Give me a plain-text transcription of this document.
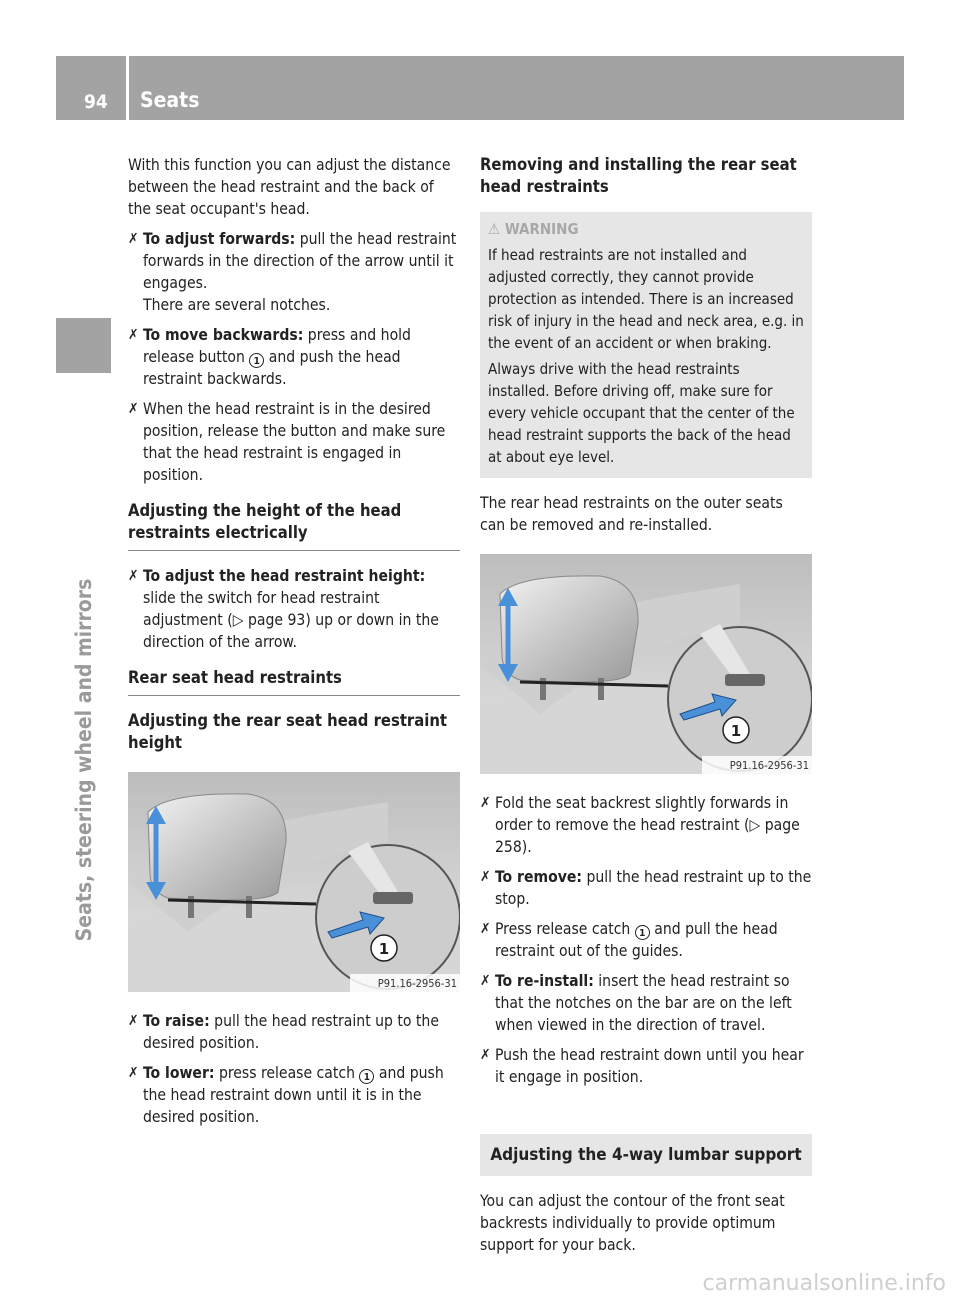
94	Seats
Seats, steering wheel and mirrors

With this function you can adjust the distance between the head restraint and the back of the seat occupant's head.

✗ To adjust forwards: pull the head restraint forwards in the direction of the arrow until it engages.
There are several notches.
✗ To move backwards: press and hold release button 1 and push the head restraint backwards.
✗ When the head restraint is in the desired position, release the button and make sure that the head restraint is engaged in position.
Adjusting the height of the head restraints electrically
✗ To adjust the head restraint height: slide the switch for head restraint adjustment (▷ page 93) up or down in the direction of the arrow.
Rear seat head restraints
Adjusting the rear seat head restraint height
1
P91.16-2956-31
✗ To raise: pull the head restraint up to the desired position.
✗ To lower: press release catch 1 and push the head restraint down until it is in the desired position.
Removing and installing the rear seat head restraints
⚠ WARNING

If head restraints are not installed and adjusted correctly, they cannot provide protection as intended. There is an increased risk of injury in the head and neck area, e.g. in the event of an accident or when braking.

Always drive with the head restraints installed. Before driving off, make sure for every vehicle occupant that the center of the head restraint supports the back of the head at about eye level.

The rear head restraints on the outer seats can be removed and re-installed.

1
P91.16-2956-31
✗ Fold the seat backrest slightly forwards in order to remove the head restraint (▷ page 258).
✗ To remove: pull the head restraint up to the stop.
✗ Press release catch 1 and pull the head restraint out of the guides.
✗ To re-install: insert the head restraint so that the notches on the bar are on the left when viewed in the direction of travel.
✗ Push the head restraint down until you hear it engage in position.
Adjusting the 4-way lumbar support

You can adjust the contour of the front seat backrests individually to provide optimum support for your back.

carmanualsonline.info
